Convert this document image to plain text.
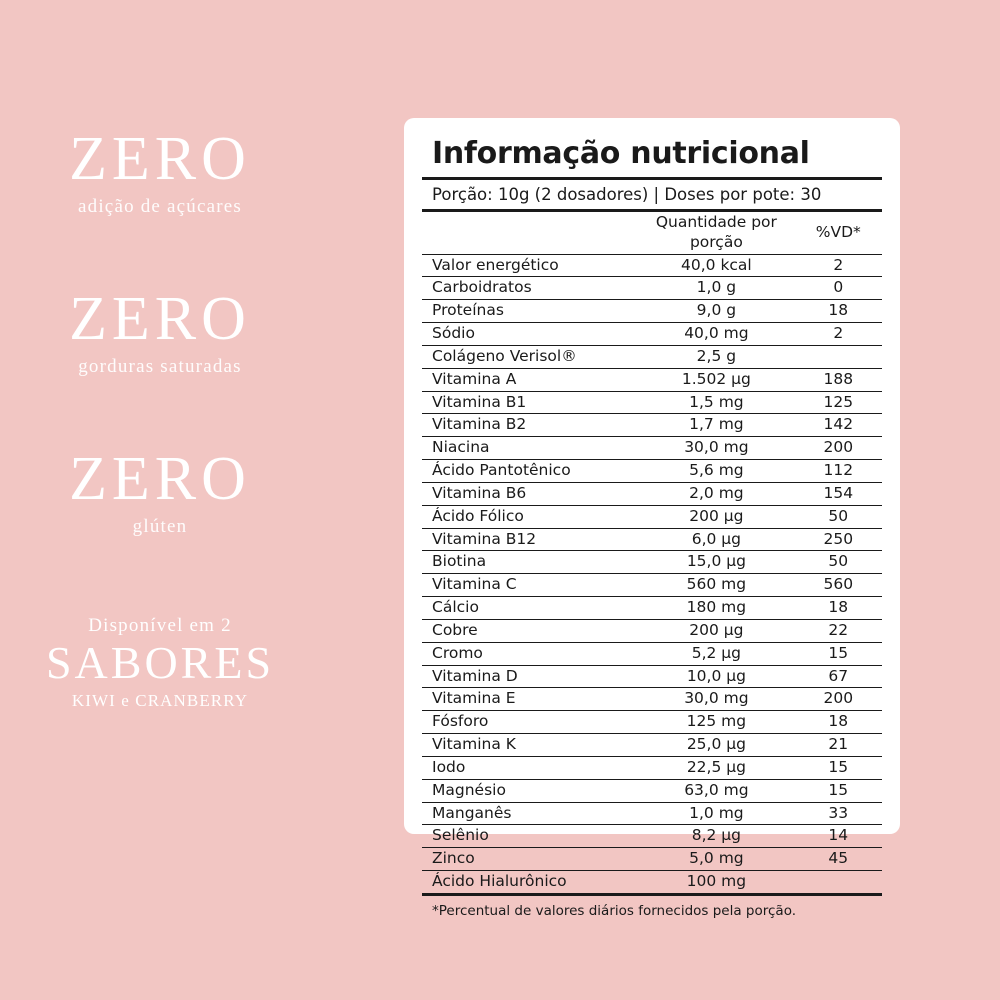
ZERO
adição de açúcares
ZERO
gorduras saturadas
ZERO
glúten
Disponível em 2
SABORES
KIWI e CRANBERRY
Informação nutricional
Porção: 10g (2 dosadores) | Doses por pote: 30
	Quantidade por porção	%VD*
Valor energético	40,0 kcal	2
Carboidratos	1,0 g	0
Proteínas	9,0 g	18
Sódio	40,0 mg	2
Colágeno Verisol®	2,5 g	
Vitamina A	1.502 µg	188
Vitamina B1	1,5 mg	125
Vitamina B2	1,7 mg	142
Niacina	30,0 mg	200
Ácido Pantotênico	5,6 mg	112
Vitamina B6	2,0 mg	154
Ácido Fólico	200 µg	50
Vitamina B12	6,0 µg	250
Biotina	15,0 µg	50
Vitamina C	560 mg	560
Cálcio	180 mg	18
Cobre	200 µg	22
Cromo	5,2 µg	15
Vitamina D	10,0 µg	67
Vitamina E	30,0 mg	200
Fósforo	125 mg	18
Vitamina K	25,0 µg	21
Iodo	22,5 µg	15
Magnésio	63,0 mg	15
Manganês	1,0 mg	33
Selênio	8,2 µg	14
Zinco	5,0 mg	45
Ácido Hialurônico	100 mg	
*Percentual de valores diários fornecidos pela porção.
